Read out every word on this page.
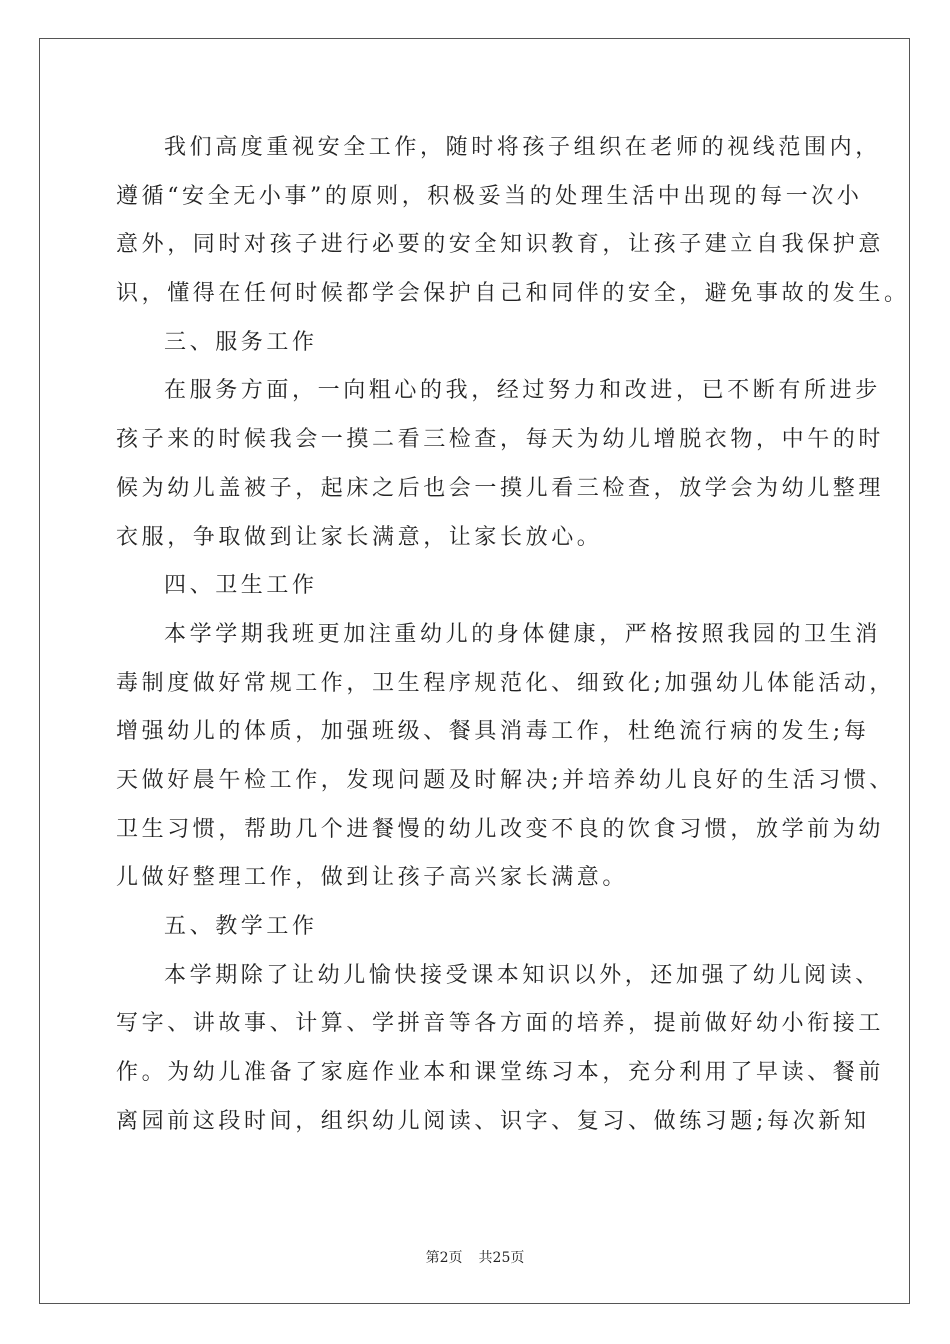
我们高度重视安全工作，随时将孩子组织在老师的视线范围内，
遵循“安全无小事”的原则，积极妥当的处理生活中出现的每一次小
意外，同时对孩子进行必要的安全知识教育，让孩子建立自我保护意
识，懂得在任何时候都学会保护自己和同伴的安全，避免事故的发生。
三、服务工作
在服务方面，一向粗心的我，经过努力和改进，已不断有所进步
孩子来的时候我会一摸二看三检查，每天为幼儿增脱衣物，中午的时
候为幼儿盖被子，起床之后也会一摸儿看三检查，放学会为幼儿整理
衣服，争取做到让家长满意，让家长放心。
四、卫生工作
本学学期我班更加注重幼儿的身体健康，严格按照我园的卫生消
毒制度做好常规工作，卫生程序规范化、细致化;加强幼儿体能活动，
增强幼儿的体质，加强班级、餐具消毒工作，杜绝流行病的发生;每
天做好晨午检工作，发现问题及时解决;并培养幼儿良好的生活习惯、
卫生习惯，帮助几个进餐慢的幼儿改变不良的饮食习惯，放学前为幼
儿做好整理工作，做到让孩子高兴家长满意。
五、教学工作
本学期除了让幼儿愉快接受课本知识以外，还加强了幼儿阅读、
写字、讲故事、计算、学拼音等各方面的培养，提前做好幼小衔接工
作。为幼儿准备了家庭作业本和课堂练习本，充分利用了早读、餐前
离园前这段时间，组织幼儿阅读、识字、复习、做练习题;每次新知
第2页 共25页
